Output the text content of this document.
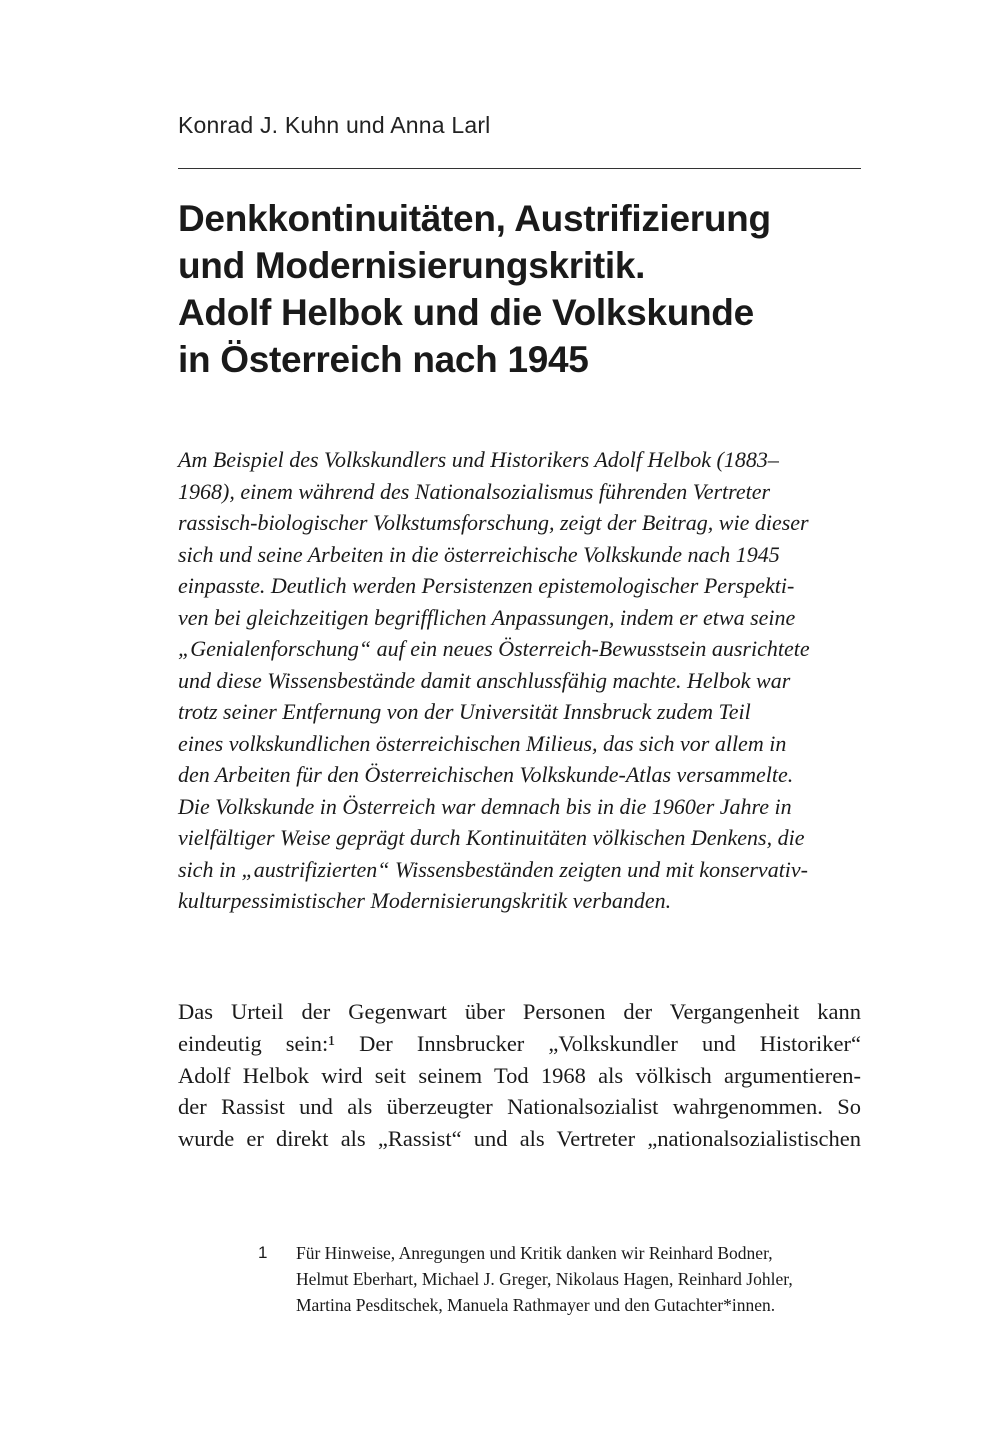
Konrad J. Kuhn und Anna Larl
Denkkontinuitäten, Austrifizierung
und Modernisierungskritik.
Adolf Helbok und die Volkskunde
in Österreich nach 1945
Am Beispiel des Volkskundlers und Historikers Adolf Helbok (1883–
1968), einem während des Nationalsozialismus führenden Vertreter
rassisch-biologischer Volkstumsforschung, zeigt der Beitrag, wie dieser
sich und seine Arbeiten in die österreichische Volkskunde nach 1945
einpasste. Deutlich werden Persistenzen epistemologischer Perspekti-
ven bei gleichzeitigen begrifflichen Anpassungen, indem er etwa seine
„Genialenforschung“ auf ein neues Österreich-Bewusstsein ausrichtete
und diese Wissensbestände damit anschlussfähig machte. Helbok war
trotz seiner Entfernung von der Universität Innsbruck zudem Teil
eines volkskundlichen österreichischen Milieus, das sich vor allem in
den Arbeiten für den Österreichischen Volkskunde-Atlas versammelte.
Die Volkskunde in Österreich war demnach bis in die 1960er Jahre in
vielfältiger Weise geprägt durch Kontinuitäten völkischen Denkens, die
sich in „austrifizierten“ Wissensbeständen zeigten und mit konservativ-
kulturpessimistischer Modernisierungskritik verbanden.
Das Urteil der Gegenwart über Personen der Vergangenheit kann
eindeutig sein:¹ Der Innsbrucker „Volkskundler und Historiker“
Adolf Helbok wird seit seinem Tod 1968 als völkisch argumentieren-
der Rassist und als überzeugter Nationalsozialist wahrgenommen. So
wurde er direkt als „Rassist“ und als Vertreter „nationalsozialistischen
1 Für Hinweise, Anregungen und Kritik danken wir Reinhard Bodner,
Helmut Eberhart, Michael J. Greger, Nikolaus Hagen, Reinhard Johler,
Martina Pesditschek, Manuela Rathmayer und den Gutachter*innen.
